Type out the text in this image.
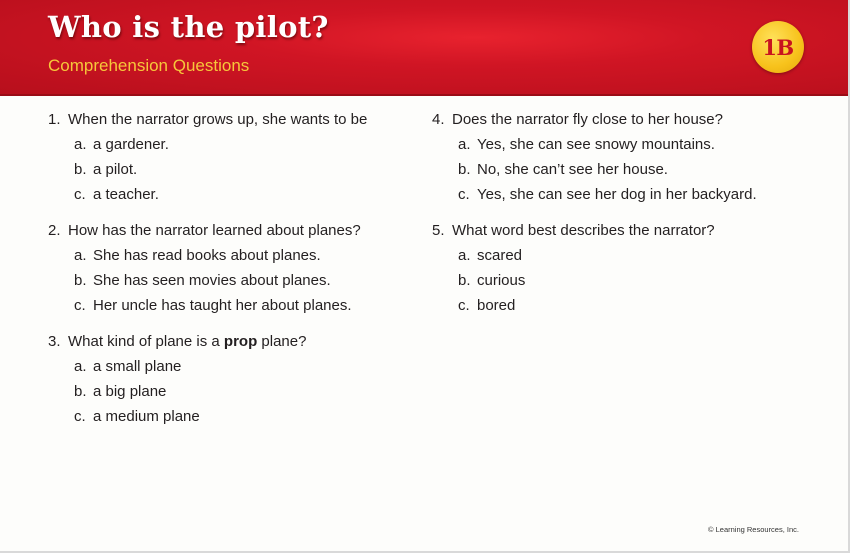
Who is the pilot?
Comprehension Questions
1B
1. When the narrator grows up, she wants to be
a. a gardener.
b. a pilot.
c. a teacher.
2. How has the narrator learned about planes?
a. She has read books about planes.
b. She has seen movies about planes.
c. Her uncle has taught her about planes.
3. What kind of plane is a prop plane?
a. a small plane
b. a big plane
c. a medium plane
4. Does the narrator fly close to her house?
a. Yes, she can see snowy mountains.
b. No, she can’t see her house.
c. Yes, she can see her dog in her backyard.
5. What word best describes the narrator?
a. scared
b. curious
c. bored
© Learning Resources, Inc.
